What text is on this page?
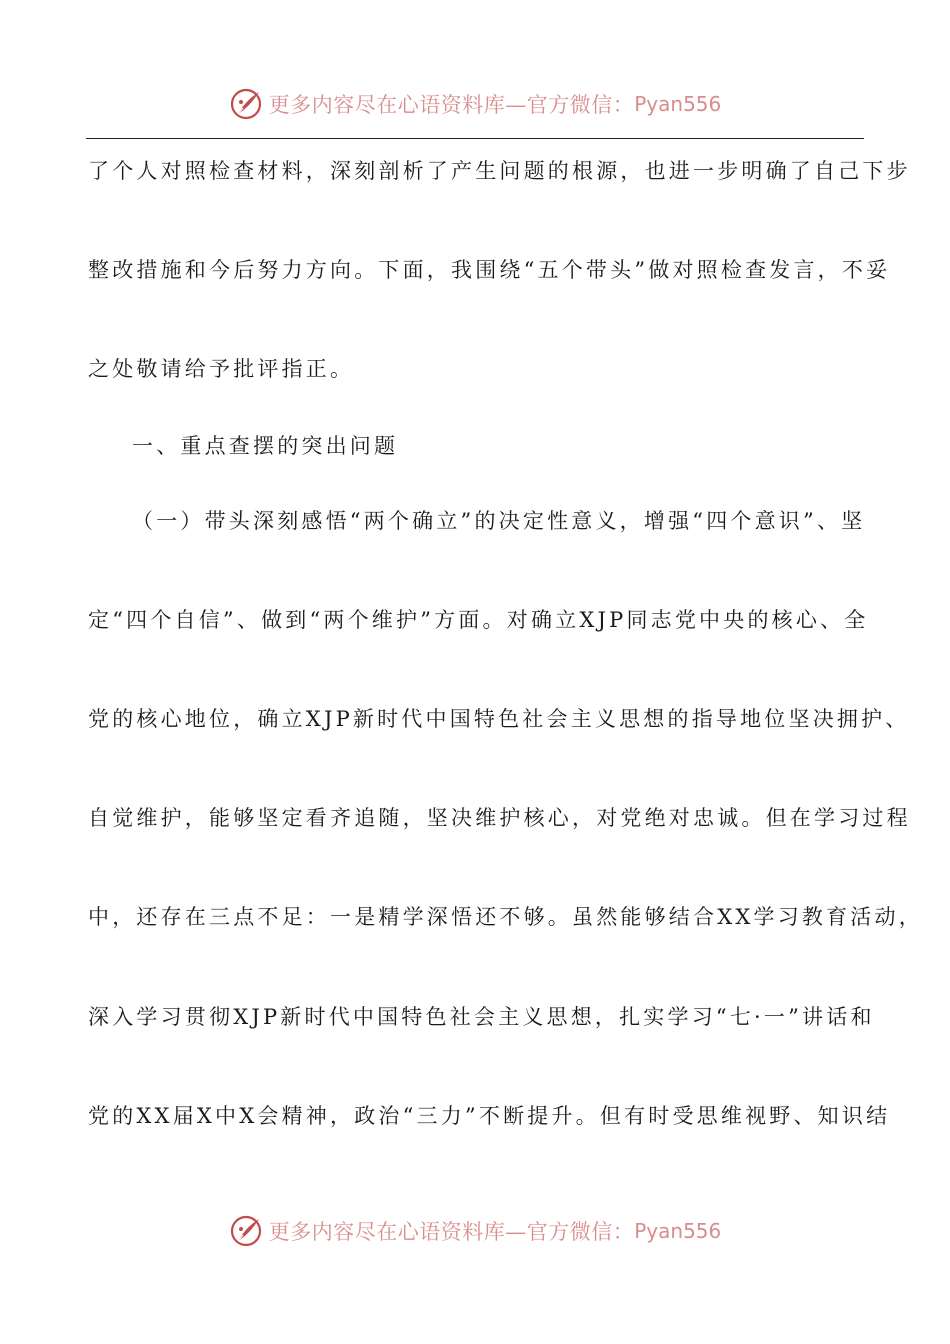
更多内容尽在心语资料库—官方微信： Pyan556
了个人对照检查材料，深刻剖析了产生问题的根源，也进一步明确了自己下步
整改措施和今后努力方向。下面，我围绕“五个带头”做对照检查发言，不妥
之处敬请给予批评指正。
一、重点查摆的突出问题
（一）带头深刻感悟“两个确立”的决定性意义，增强“四个意识”、坚
定“四个自信”、做到“两个维护”方面。对确立XJP同志党中央的核心、全
党的核心地位，确立XJP新时代中国特色社会主义思想的指导地位坚决拥护、
自觉维护，能够坚定看齐追随，坚决维护核心，对党绝对忠诚。但在学习过程
中，还存在三点不足：一是精学深悟还不够。虽然能够结合XX学习教育活动，
深入学习贯彻XJP新时代中国特色社会主义思想，扎实学习“七·一”讲话和
党的XX届X中X会精神，政治“三力”不断提升。但有时受思维视野、知识结
更多内容尽在心语资料库—官方微信： Pyan556
